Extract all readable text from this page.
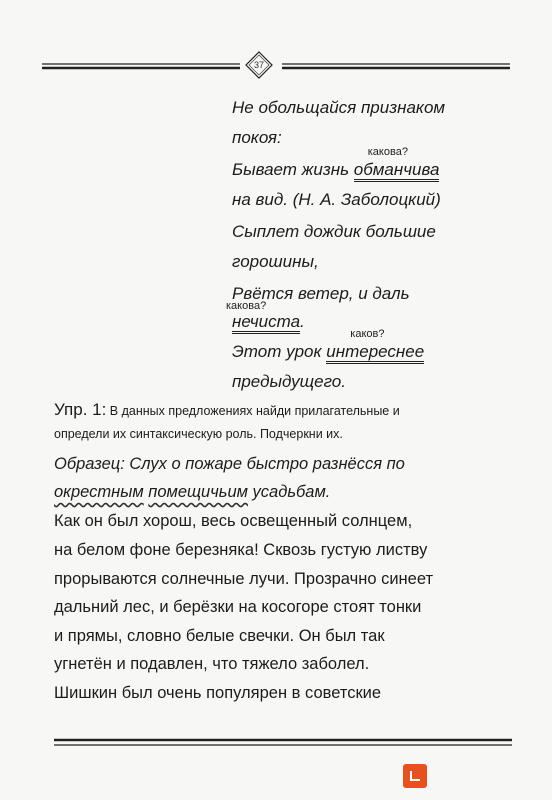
37
Не обольщайся признаком
покоя:
Бывает жизнь
какова?
обманчива
на вид. (Н. А. Заболоцкий)
Сыплет дождик большие
горошины,
Рвётся ветер, и даль
какова?
нечиста.
Этот урок
каков?
интереснее
предыдущего.
Упр. 1: В данных предложениях найди прилагательные и
определи их синтаксическую роль. Подчеркни их.
Образец: Слух о пожаре быстро разнёсся по
окрестным помещичьим усадьбам.
Как он был хорош, весь освещенный солнцем,
на белом фоне березняка! Сквозь густую листву
прорываются солнечные лучи. Прозрачно синеет
дальний лес, и берёзки на косогоре стоят тонки
и прямы, словно белые свечки. Он был так
угнетён и подавлен, что тяжело заболел.
Шишкин был очень популярен в советские
